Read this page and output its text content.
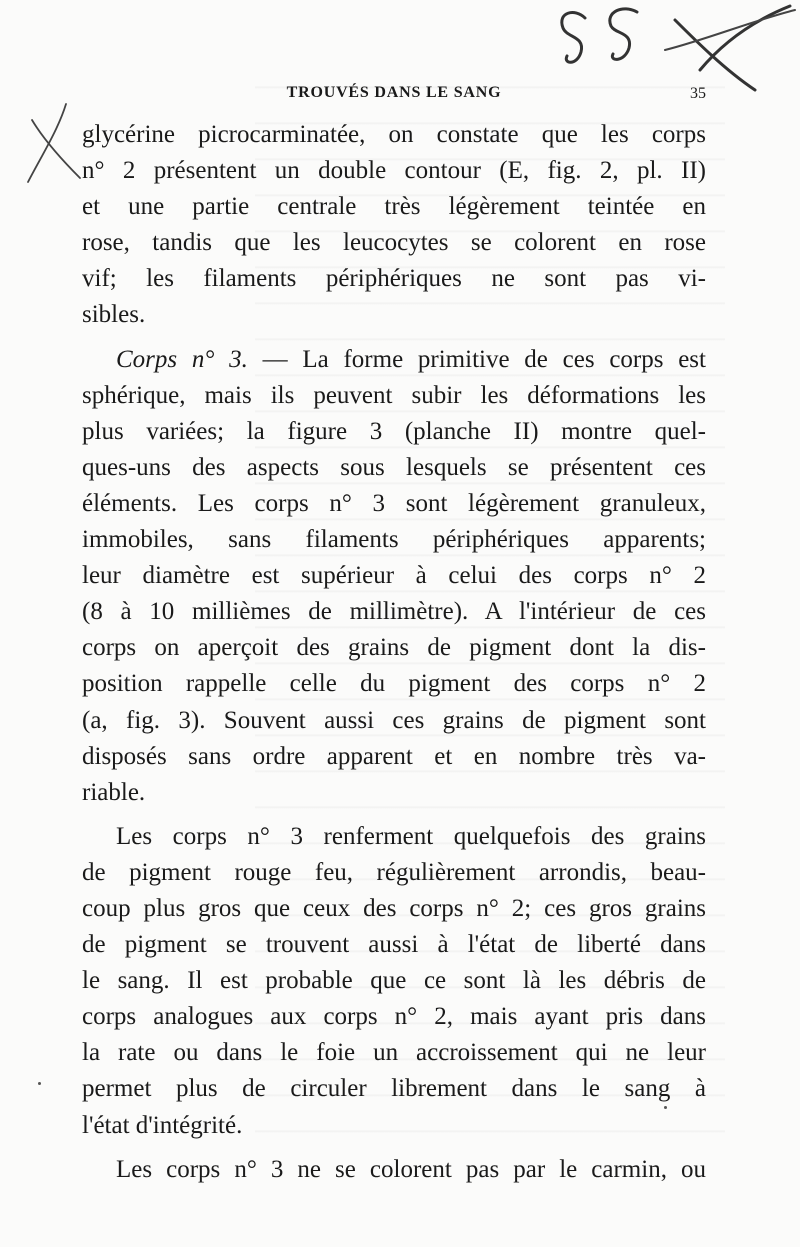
TROUVÉS DANS LE SANG	35

glycérine picrocarminatée, on constate que les corps
n° 2 présentent un double contour (E, fig. 2, pl. II)
et une partie centrale très légèrement teintée en
rose, tandis que les leucocytes se colorent en rose
vif; les filaments périphériques ne sont pas vi-
sibles.

Corps n° 3. — La forme primitive de ces corps est
sphérique, mais ils peuvent subir les déformations les
plus variées; la figure 3 (planche II) montre quel-
ques-uns des aspects sous lesquels se présentent ces
éléments. Les corps n° 3 sont légèrement granuleux,
immobiles, sans filaments périphériques apparents;
leur diamètre est supérieur à celui des corps n° 2
(8 à 10 millièmes de millimètre). A l'intérieur de ces
corps on aperçoit des grains de pigment dont la dis-
position rappelle celle du pigment des corps n° 2
(a, fig. 3). Souvent aussi ces grains de pigment sont
disposés sans ordre apparent et en nombre très va-
riable.

Les corps n° 3 renferment quelquefois des grains
de pigment rouge feu, régulièrement arrondis, beau-
coup plus gros que ceux des corps n° 2; ces gros grains
de pigment se trouvent aussi à l'état de liberté dans
le sang. Il est probable que ce sont là les débris de
corps analogues aux corps n° 2, mais ayant pris dans
la rate ou dans le foie un accroissement qui ne leur
permet plus de circuler librement dans le sang à
l'état d'intégrité.

Les corps n° 3 ne se colorent pas par le carmin, ou
